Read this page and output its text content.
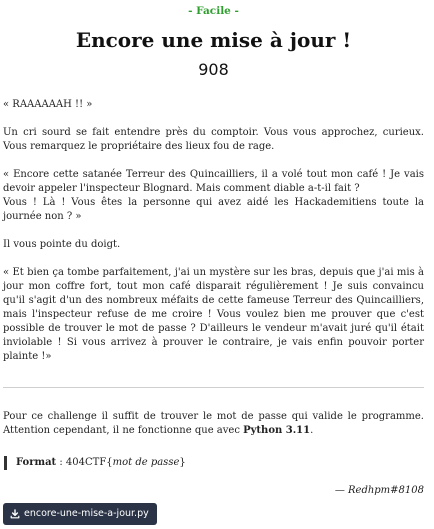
- Facile -
Encore une mise à jour !
908

« RAAAAAAH !! »

Un cri sourd se fait entendre près du comptoir. Vous vous approchez, curieux. Vous remarquez le propriétaire des lieux fou de rage.

« Encore cette satanée Terreur des Quincailliers, il a volé tout mon café ! Je vais devoir appeler l'inspecteur Blognard. Mais comment diable a-t-il fait ?
Vous ! Là ! Vous êtes la personne qui avez aidé les Hackademitiens toute la journée non ? »

Il vous pointe du doigt.

« Et bien ça tombe parfaitement, j'ai un mystère sur les bras, depuis que j'ai mis à jour mon coffre fort, tout mon café disparait régulièrement ! Je suis convaincu qu'il s'agit d'un des nombreux méfaits de cette fameuse Terreur des Quincailliers, mais l'inspecteur refuse de me croire ! Vous voulez bien me prouver que c'est possible de trouver le mot de passe ? D'ailleurs le vendeur m'avait juré qu'il était inviolable ! Si vous arrivez à prouver le contraire, je vais enfin pouvoir porter plainte !»

Pour ce challenge il suffit de trouver le mot de passe qui valide le programme. Attention cependant, il ne fonctionne que avec Python 3.11.

Format : 404CTF{mot de passe}
— Redhpm#8108
encore-une-mise-a-jour.py
